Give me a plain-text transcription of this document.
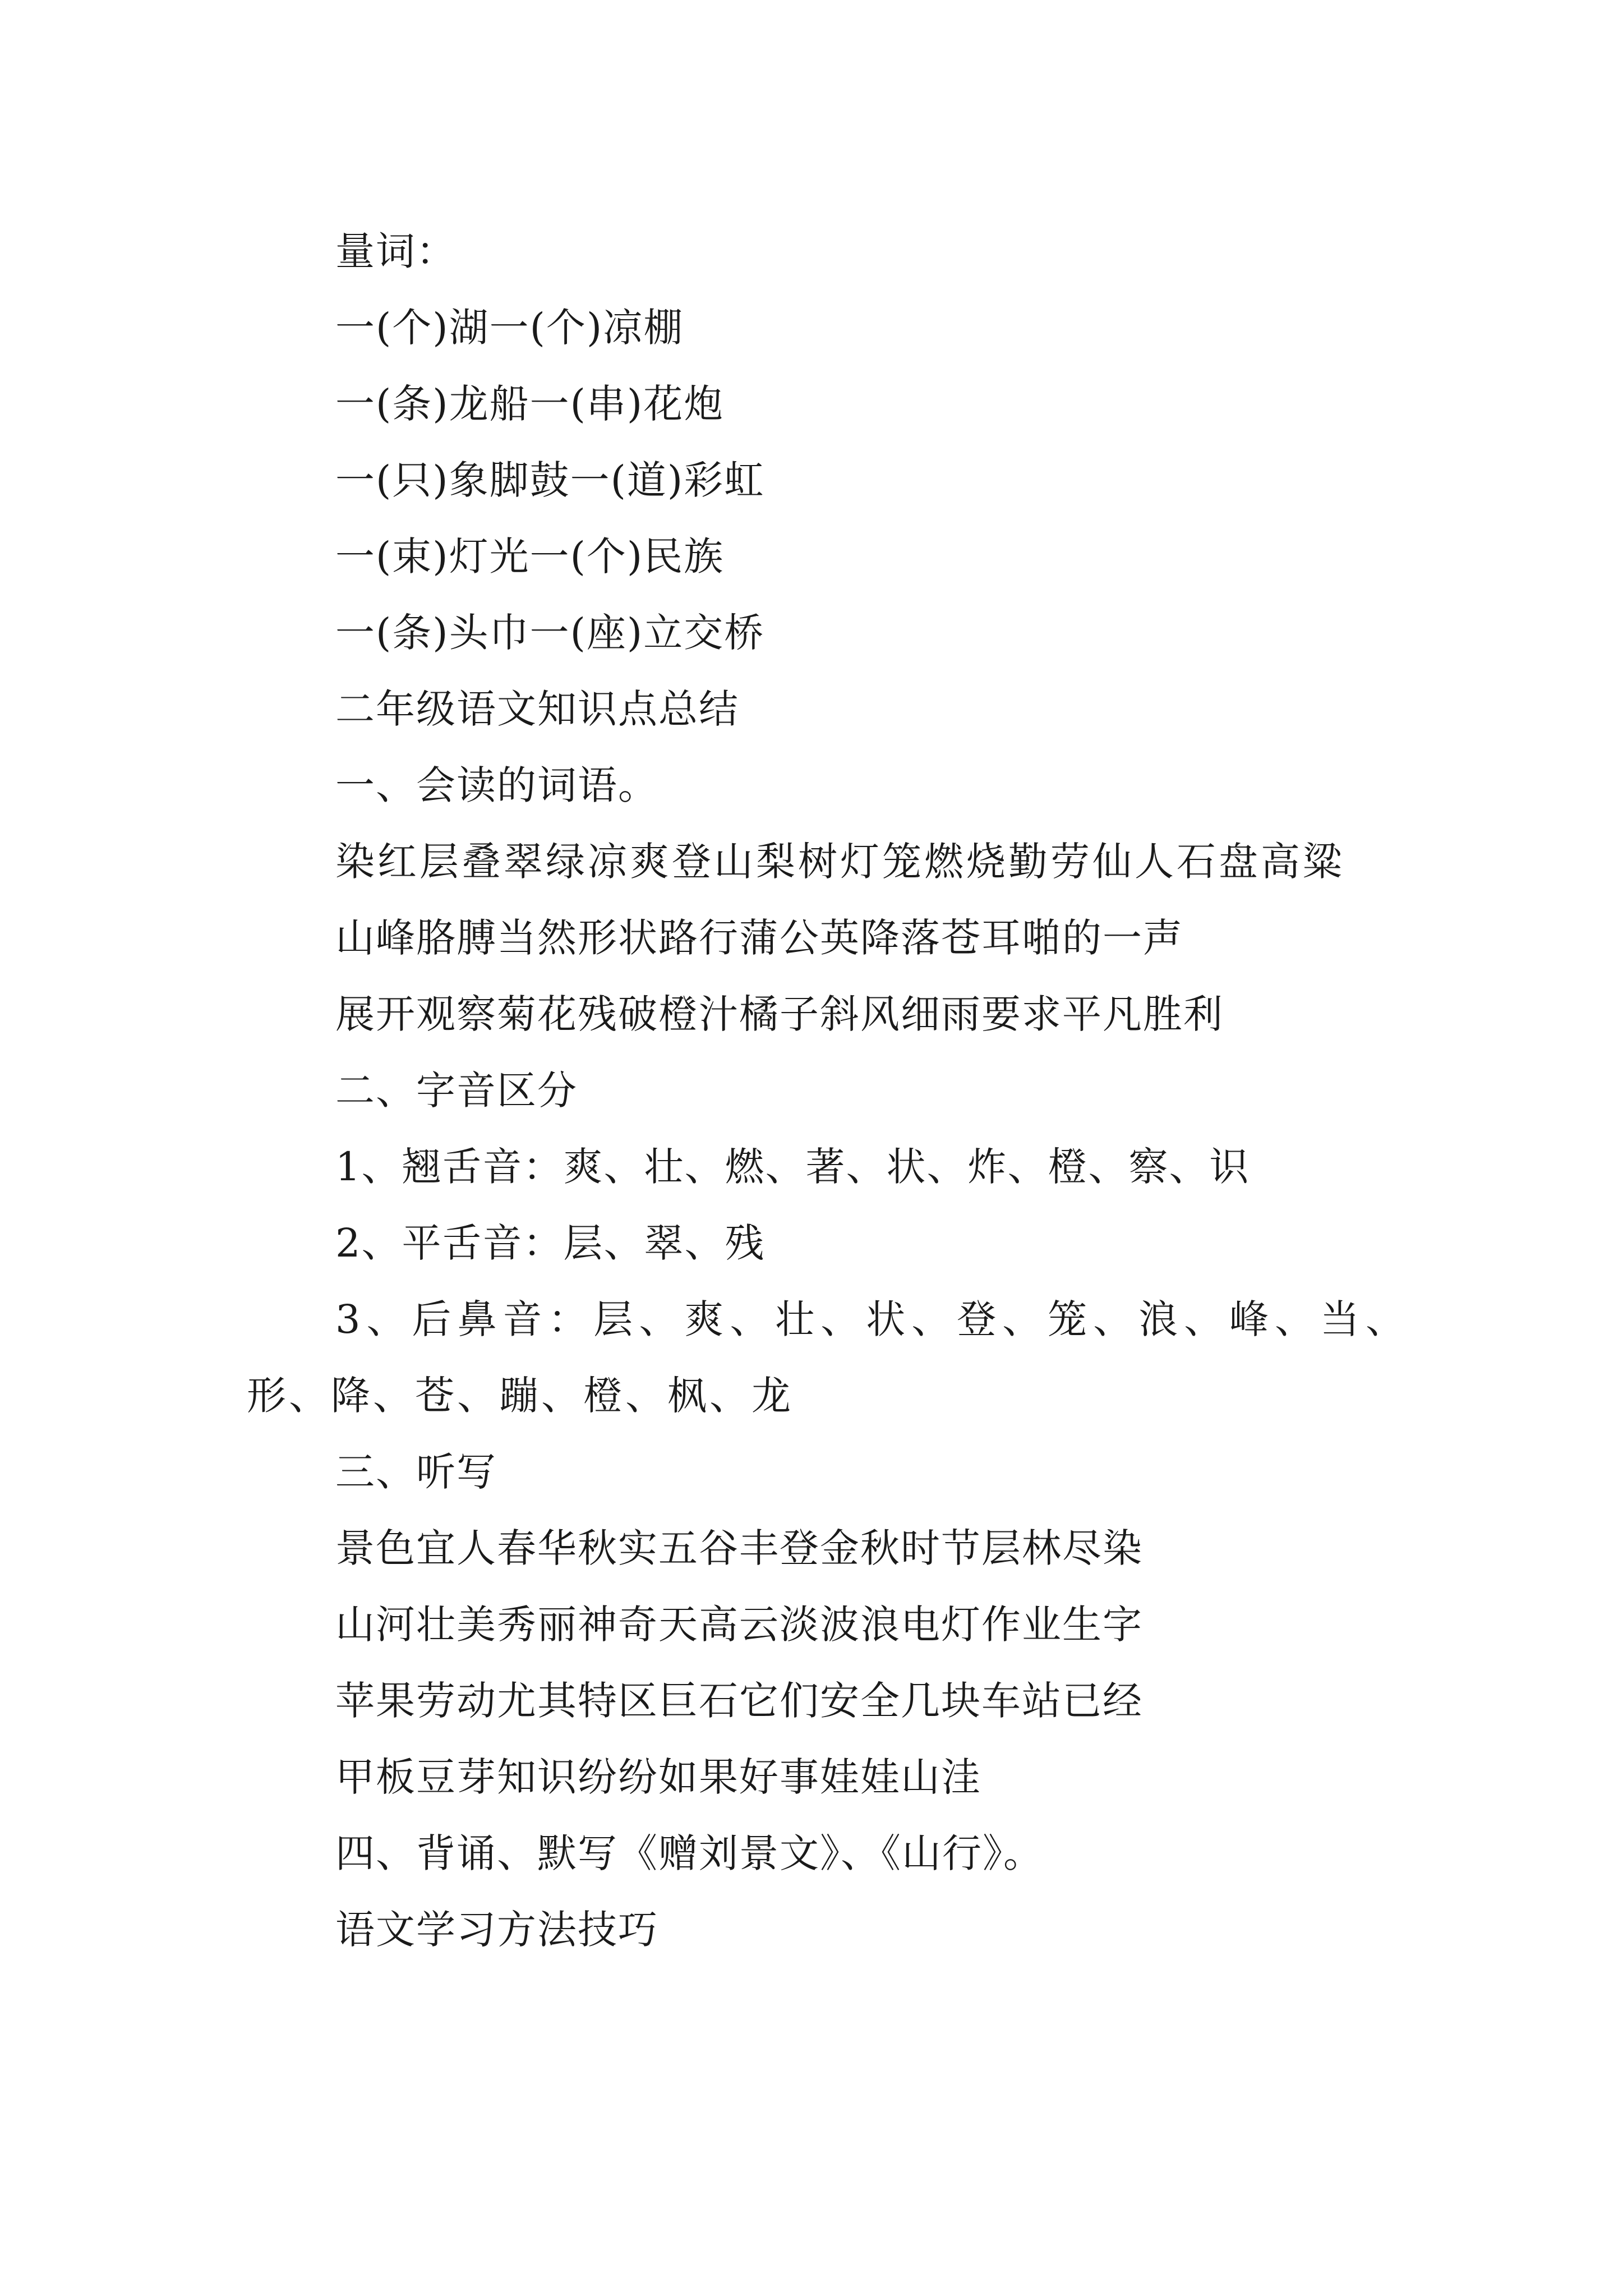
量词：
一(个)湖一(个)凉棚
一(条)龙船一(串)花炮
一(只)象脚鼓一(道)彩虹
一(束)灯光一(个)民族
一(条)头巾一(座)立交桥
二年级语文知识点总结
一、会读的词语。
染红层叠翠绿凉爽登山梨树灯笼燃烧勤劳仙人石盘高粱
山峰胳膊当然形状路行蒲公英降落苍耳啪的一声
展开观察菊花残破橙汁橘子斜风细雨要求平凡胜利
二、字音区分
1、翘舌音：爽、壮、燃、著、状、炸、橙、察、识
2、平舌音：层、翠、残
3、后鼻音：层、爽、壮、状、登、笼、浪、峰、当、形、降、苍、蹦、橙、枫、龙
三、听写
景色宜人春华秋实五谷丰登金秋时节层林尽染
山河壮美秀丽神奇天高云淡波浪电灯作业生字
苹果劳动尤其特区巨石它们安全几块车站已经
甲板豆芽知识纷纷如果好事娃娃山洼
四、背诵、默写《赠刘景文》、《山行》。
语文学习方法技巧
